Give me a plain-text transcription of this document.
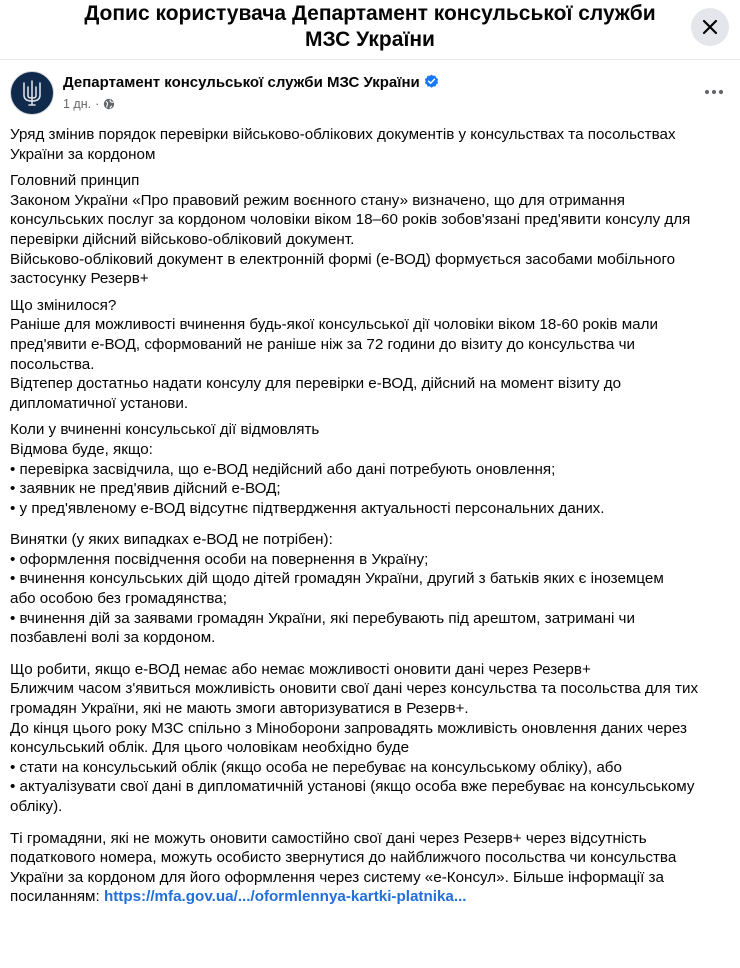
Допис користувача Департамент консульської служби
МЗС України
Департамент консульської служби МЗС України
1 дн. ·
Уряд змінив порядок перевірки військово-облікових документів у консульствах та посольствах
України за кордоном
Головний принцип
Законом України «Про правовий режим воєнного стану» визначено, що для отримання
консульських послуг за кордоном чоловіки віком 18–60 років зобов'язані пред'явити консулу для
перевірки дійсний військово-обліковий документ.
Військово-обліковий документ в електронній формі (е-ВОД) формується засобами мобільного
застосунку Резерв+
Що змінилося?
Раніше для можливості вчинення будь-якої консульської дії чоловіки віком 18-60 років мали
пред'явити е-ВОД, сформований не раніше ніж за 72 години до візиту до консульства чи
посольства.
Відтепер достатньо надати консулу для перевірки е-ВОД, дійсний на момент візиту до
дипломатичної установи.
Коли у вчиненні консульської дії відмовлять
Відмова буде, якщо:
• перевірка засвідчила, що е-ВОД недійсний або дані потребують оновлення;
• заявник не пред'явив дійсний е-ВОД;
• у пред'явленому е-ВОД відсутнє підтвердження актуальності персональних даних.
Винятки (у яких випадках е-ВОД не потрібен):
• оформлення посвідчення особи на повернення в Україну;
• вчинення консульських дій щодо дітей громадян України, другий з батьків яких є іноземцем
або особою без громадянства;
• вчинення дій за заявами громадян України, які перебувають під арештом, затримані чи
позбавлені волі за кордоном.
Що робити, якщо е-ВОД немає або немає можливості оновити дані через Резерв+
Ближчим часом з'явиться можливість оновити свої дані через консульства та посольства для тих
громадян України, які не мають змоги авторизуватися в Резерв+.
До кінця цього року МЗС спільно з Міноборони запровадять можливість оновлення даних через
консульський облік. Для цього чоловікам необхідно буде
• стати на консульський облік (якщо особа не перебуває на консульському обліку), або
• актуалізувати свої дані в дипломатичній установі (якщо особа вже перебуває на консульському
обліку).
Ті громадяни, які не можуть оновити самостійно свої дані через Резерв+ через відсутність
податкового номера, можуть особисто звернутися до найближчого посольства чи консульства
України за кордоном для його оформлення через систему «е-Консул». Більше інформації за
посиланням: https://mfa.gov.ua/.../oformlennya-kartki-platnika...
